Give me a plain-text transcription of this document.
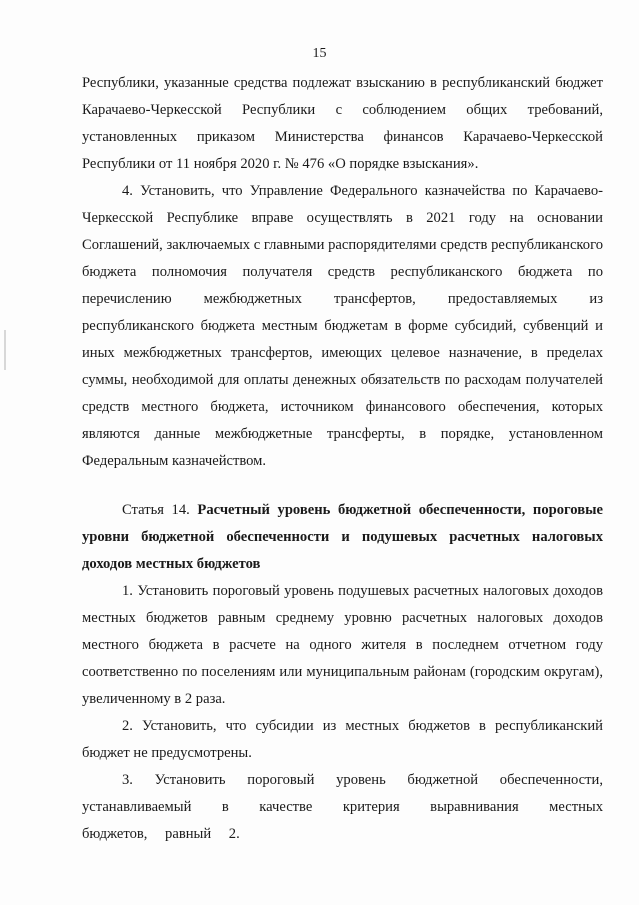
15

Республики, указанные средства подлежат взысканию в республиканский бюджет Карачаево-Черкесской Республики с соблюдением общих требований, установленных приказом Министерства финансов Карачаево-Черкесской Республики от 11 ноября 2020 г. № 476 «О порядке взыскания».

4. Установить, что Управление Федерального казначейства по Карачаево-Черкесской Республике вправе осуществлять в 2021 году на основании Соглашений, заключаемых с главными распорядителями средств республиканского бюджета полномочия получателя средств республиканского бюджета по перечислению межбюджетных трансфертов, предоставляемых из республиканского бюджета местным бюджетам в форме субсидий, субвенций и иных межбюджетных трансфертов, имеющих целевое назначение, в пределах суммы, необходимой для оплаты денежных обязательств по расходам получателей средств местного бюджета, источником финансового обеспечения, которых являются данные межбюджетные трансферты, в порядке, установленном Федеральным казначейством.

Статья 14. Расчетный уровень бюджетной обеспеченности, пороговые уровни бюджетной обеспеченности и подушевых расчетных налоговых доходов местных бюджетов

1. Установить пороговый уровень подушевых расчетных налоговых доходов местных бюджетов равным среднему уровню расчетных налоговых доходов местного бюджета в расчете на одного жителя в последнем отчетном году соответственно по поселениям или муниципальным районам (городским округам), увеличенному в 2 раза.

2. Установить, что субсидии из местных бюджетов в республиканский бюджет не предусмотрены.

3. Установить пороговый уровень бюджетной обеспеченности, устанавливаемый в качестве критерия выравнивания местных бюджетов, равный 2.
